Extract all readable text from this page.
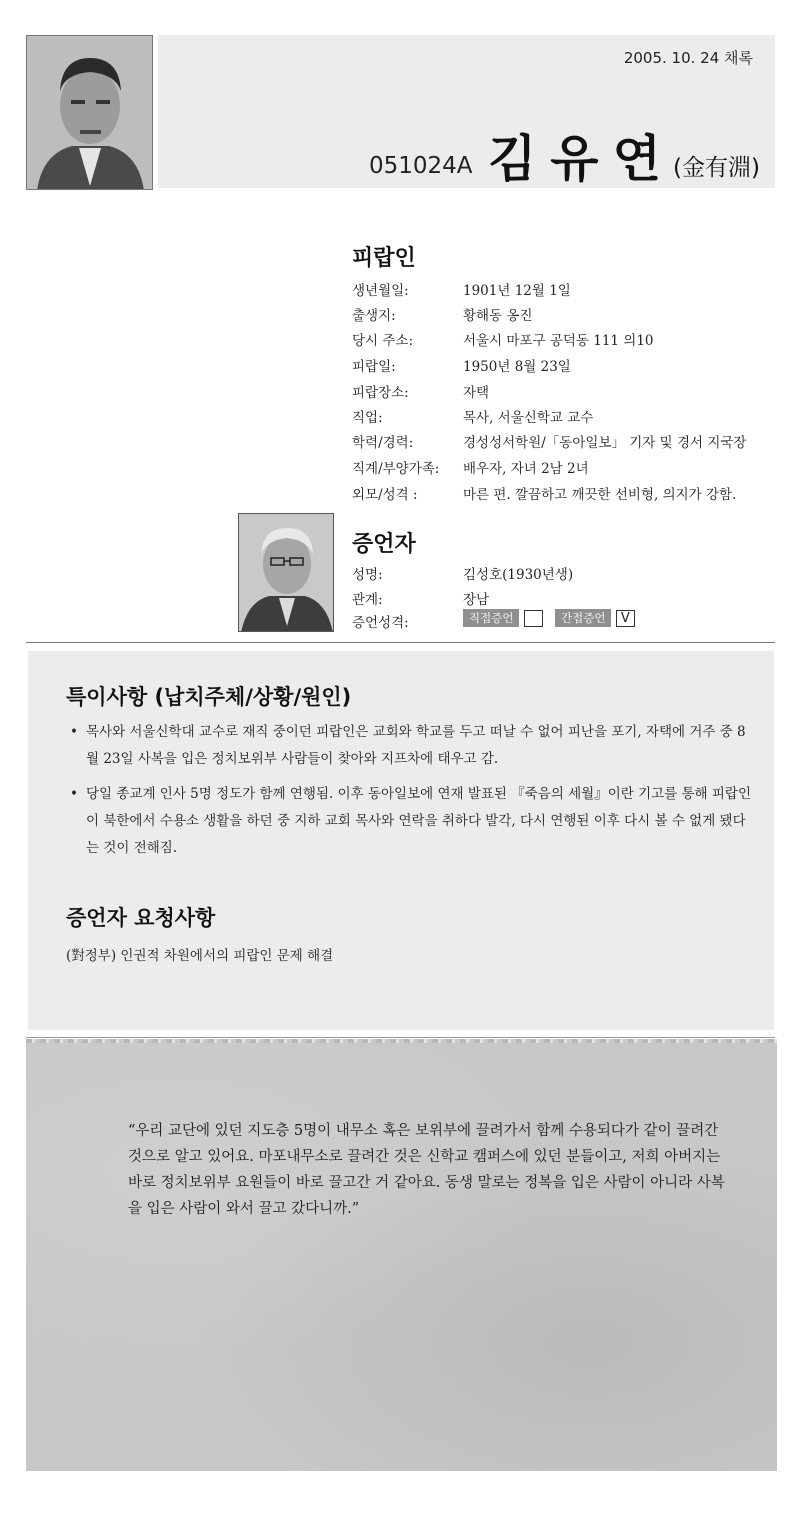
2005. 10. 24 채록
051024A 김유연
(金有淵)
피랍인
생년월일:	1901년 12월 1일
출생지:	황해동 옹진
당시 주소:	서울시 마포구 공덕동 111 의10
피랍일:	1950년 8월 23일
피랍장소:	자택
직업:	목사, 서울신학교 교수
학력/경력:	경성성서학원/「동아일보」 기자 및 경서 지국장
직계/부양가족: 배우자, 자녀 2남 2녀
외모/성격 :	마른 편. 깔끔하고 깨끗한 선비형, 의지가 강함.
증언자
성명:	김성호(1930년생)
관계:	장남
증언성격:	직접증언	간접증언 V
특이사항 (납치주체/상황/원인)
• 목사와 서울신학대 교수로 재직 중이던 피랍인은 교회와 학교를 두고 떠날 수 없어 피난을 포기, 자택에 거주 중 8월 23일 사복을 입은 정치보위부 사람들이 찾아와 지프차에 태우고 감.
• 당일 종교계 인사 5명 정도가 함께 연행됨. 이후 동아일보에 연재 발표된 『죽음의 세월』이란 기고를 통해 피랍인이 북한에서 수용소 생활을 하던 중 지하 교회 목사와 연락을 취하다 발각, 다시 연행된 이후 다시 볼 수 없게 됐다는 것이 전해짐.
증언자 요청사항
(對정부) 인권적 차원에서의 피랍인 문제 해결
“우리 교단에 있던 지도층 5명이 내무소 혹은 보위부에 끌려가서 함께 수용되다가 같이 끌려간 것으로 알고 있어요. 마포내무소로 끌려간 것은 신학교 캠퍼스에 있던 분들이고, 저희 아버지는 바로 정치보위부 요원들이 바로 끌고간 거 같아요. 동생 말로는 정복을 입은 사람이 아니라 사복을 입은 사람이 와서 끌고 갔다니까.”
